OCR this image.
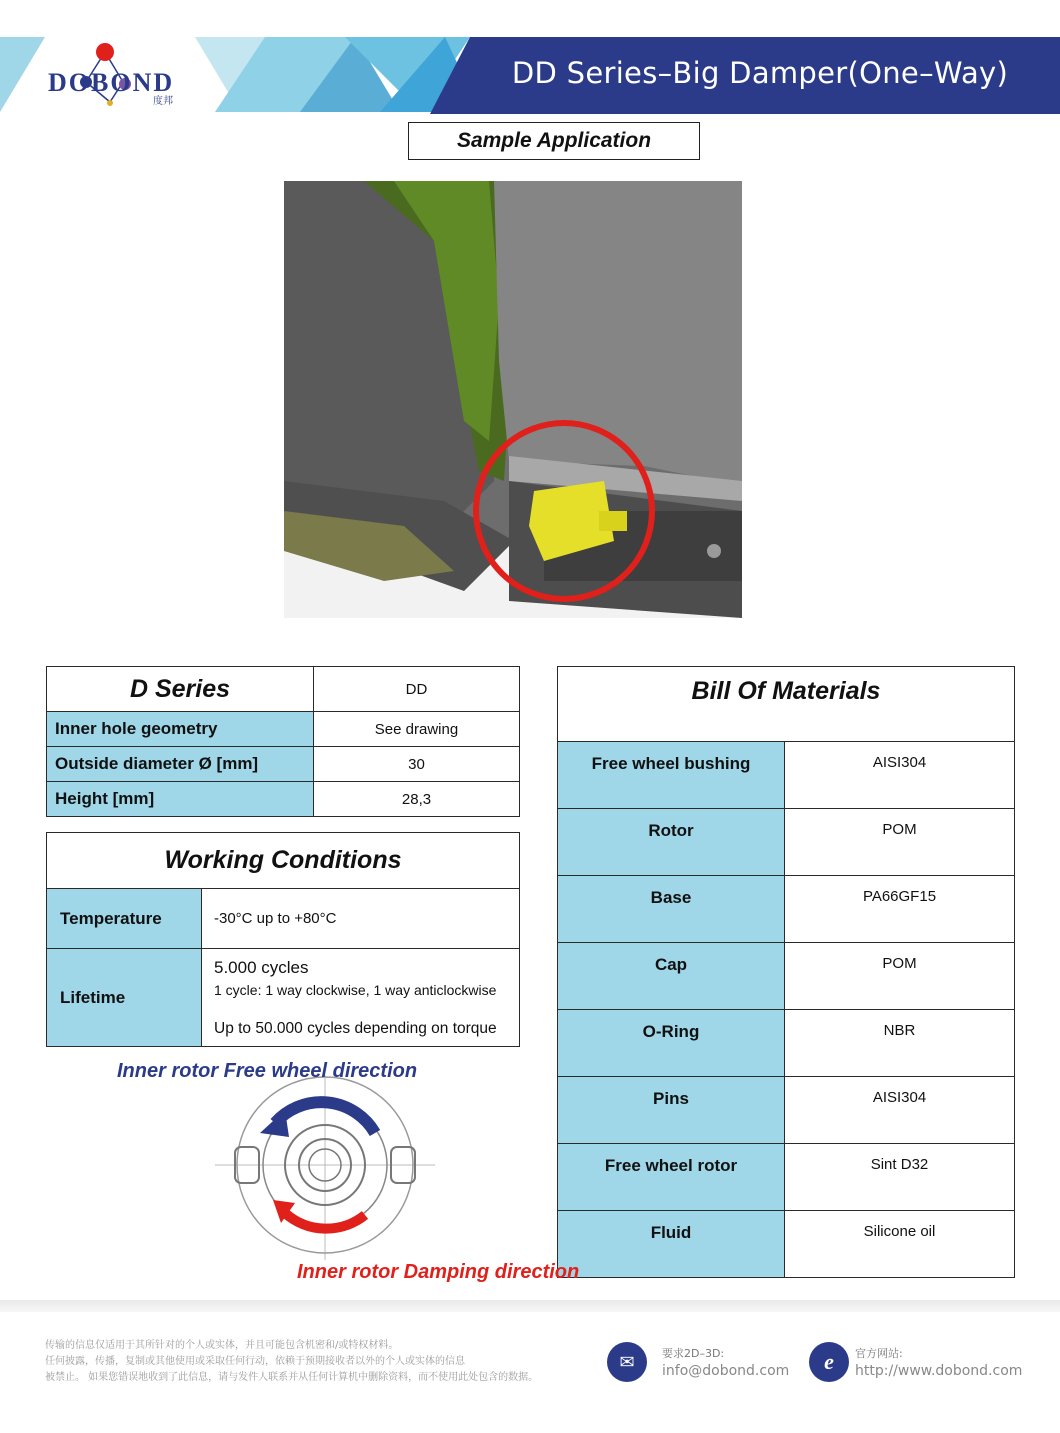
DOBOND
度邦
DD Series–Big Damper(One–Way)
Sample Application
D Series	DD
Inner hole geometry	See drawing
Outside diameter Ø [mm]	30
Height [mm]	28,3
Working Conditions	
Temperature	-30°C up to +80°C
Lifetime	5.000 cycles
1 cycle: 1 way clockwise, 1 way anticlockwise
Up to 50.000 cycles depending on torque
Bill Of Materials	
Free wheel bushing	AISI304
Rotor	POM
Base	PA66GF15
Cap	POM
O-Ring	NBR
Pins	AISI304
Free wheel rotor	Sint D32
Fluid	Silicone oil
Inner rotor Free wheel direction
Inner rotor Damping direction
传输的信息仅适用于其所针对的个人或实体，并且可能包含机密和/或特权材料。
任何披露，传播，复制或其他使用或采取任何行动，依赖于预期接收者以外的个人或实体的信息
被禁止。 如果您错误地收到了此信息，请与发件人联系并从任何计算机中删除资料，而不使用此处包含的数据。
✉	要求2D–3D:
info@dobond.com e 官方网站:
http://www.dobond.com
